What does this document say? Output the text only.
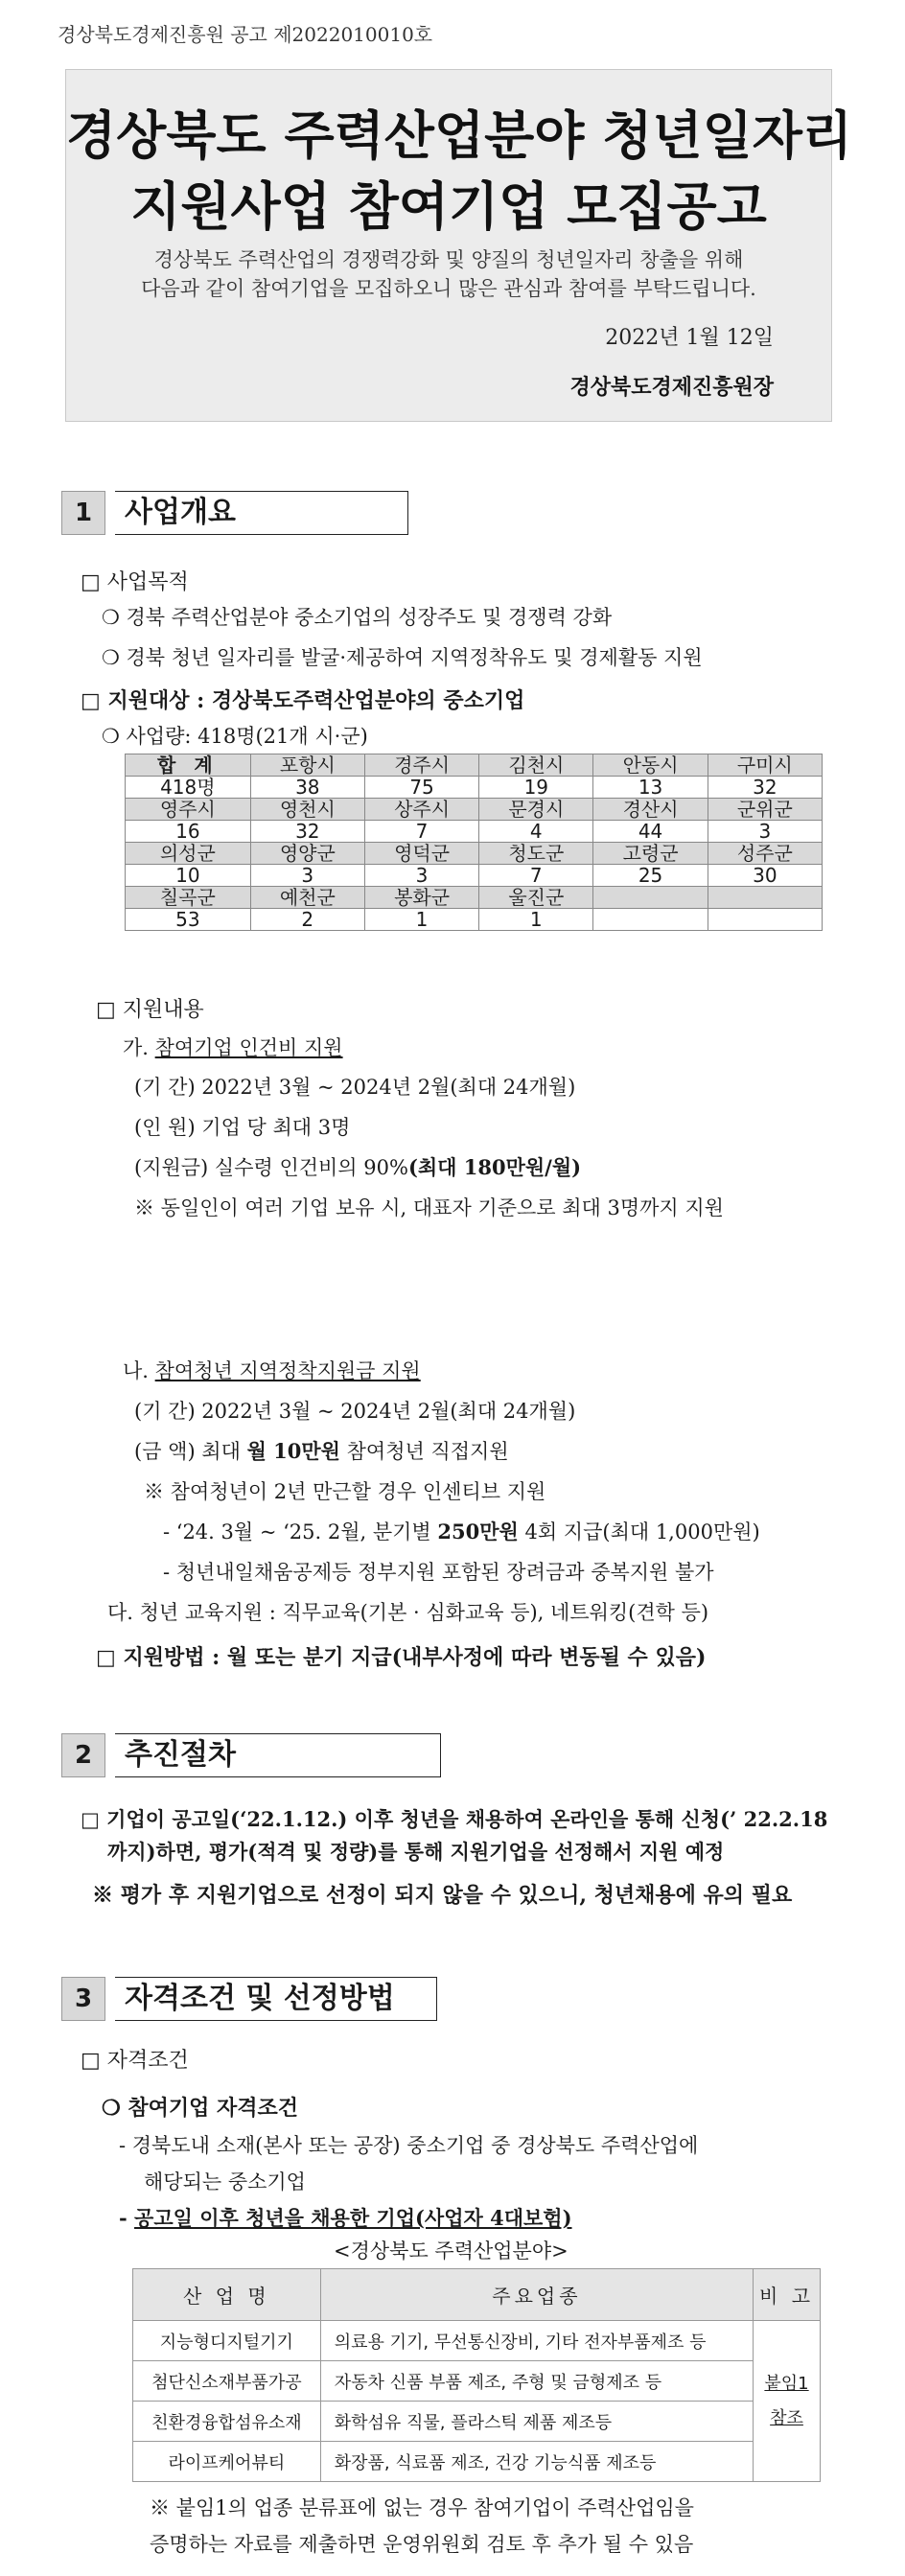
경상북도경제진흥원 공고 제2022010010호
경상북도 주력산업분야 청년일자리
지원사업 참여기업 모집공고
경상북도 주력산업의 경쟁력강화 및 양질의 청년일자리 창출을 위해
다음과 같이 참여기업을 모집하오니 많은 관심과 참여를 부탁드립니다.
2022년 1월 12일
경상북도경제진흥원장
1	사업개요
□ 사업목적
❍ 경북 주력산업분야 중소기업의 성장주도 및 경쟁력 강화
❍ 경북 청년 일자리를 발굴·제공하여 지역정착유도 및 경제활동 지원
□ 지원대상 : 경상북도주력산업분야의 중소기업
❍ 사업량: 418명(21개 시·군)
합 계	포항시	경주시	김천시	안동시	구미시
418명	38	75	19	13	32
영주시	영천시	상주시	문경시	경산시	군위군
16	32	7	4	44	3
의성군	영양군	영덕군	청도군	고령군	성주군
10	3	3	7	25	30
칠곡군	예천군	봉화군	울진군		
53	2	1	1		
□ 지원내용
가. 참여기업 인건비 지원
(기 간) 2022년 3월 ~ 2024년 2월(최대 24개월)
(인 원) 기업 당 최대 3명
(지원금) 실수령 인건비의 90%(최대 180만원/월)
※ 동일인이 여러 기업 보유 시, 대표자 기준으로 최대 3명까지 지원
나. 참여청년 지역정착지원금 지원
(기 간) 2022년 3월 ~ 2024년 2월(최대 24개월)
(금 액) 최대 월 10만원 참여청년 직접지원
※ 참여청년이 2년 만근할 경우 인센티브 지원
- ‘24. 3월 ~ ‘25. 2월, 분기별 250만원 4회 지급(최대 1,000만원)
- 청년내일채움공제등 정부지원 포함된 장려금과 중복지원 불가
다. 청년 교육지원 : 직무교육(기본 · 심화교육 등), 네트워킹(견학 등)
□ 지원방법 : 월 또는 분기 지급(내부사정에 따라 변동될 수 있음)
2	추진절차
□ 기업이 공고일(‘22.1.12.) 이후 청년을 채용하여 온라인을 통해 신청(’ 22.2.18
까지)하면, 평가(적격 및 정량)를 통해 지원기업을 선정해서 지원 예정
※ 평가 후 지원기업으로 선정이 되지 않을 수 있으니, 청년채용에 유의 필요
3	자격조건 및 선정방법
□ 자격조건
❍ 참여기업 자격조건
- 경북도내 소재(본사 또는 공장) 중소기업 중 경상북도 주력산업에
해당되는 중소기업
- 공고일 이후 청년을 채용한 기업(사업자 4대보험)
<경상북도 주력산업분야>
산 업 명	주요업종	비 고
지능형디지털기기	의료용 기기, 무선통신장비, 기타 전자부품제조 등	붙임1
참조

첨단신소재부품가공	자동차 신품 부품 제조, 주형 및 금형제조 등	
친환경융합섬유소재	화학섬유 직물, 플라스틱 제품 제조등	
라이프케어뷰티	화장품, 식료품 제조, 건강 기능식품 제조등	
※ 붙임1의 업종 분류표에 없는 경우 참여기업이 주력산업임을
증명하는 자료를 제출하면 운영위원회 검토 후 추가 될 수 있음
